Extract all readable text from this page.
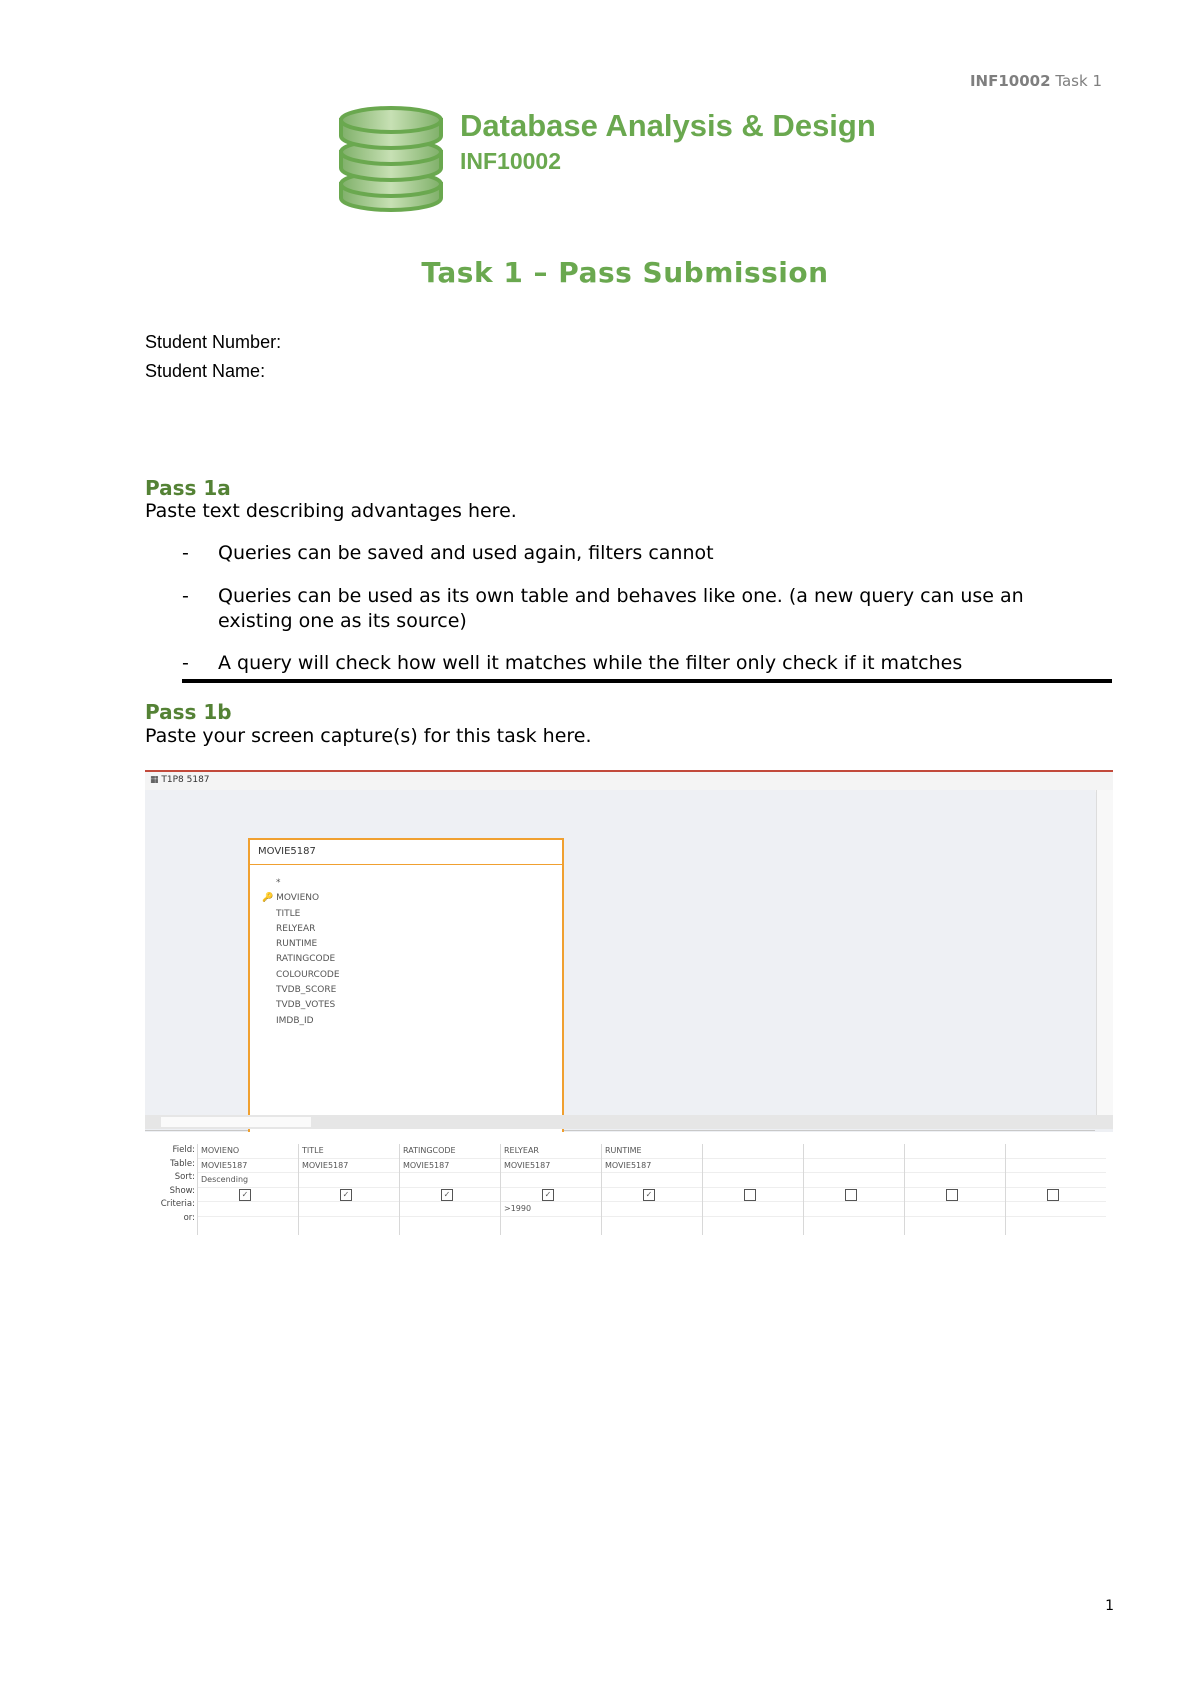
INF10002 Task 1
Database Analysis & Design
INF10002
Task 1 – Pass Submission
Student Number:
Student Name:
Pass 1a
Paste text describing advantages here.
- Queries can be saved and used again, filters cannot
- Queries can be used as its own table and behaves like one. (a new query can use an existing one as its source)
- A query will check how well it matches while the filter only check if it matches
Pass 1b
Paste your screen capture(s) for this task here.
▦ T1P8 5187
MOVIE5187
*
🔑 MOVIENO
TITLE
RELYEAR
RUNTIME
RATINGCODE
COLOURCODE
TVDB_SCORE
TVDB_VOTES
IMDB_ID
Field:
Table:
Sort:
Show:
Criteria:
or:
MOVIENO
MOVIE5187
Descending
✓
TITLE
MOVIE5187
✓
RATINGCODE
MOVIE5187
✓
RELYEAR
MOVIE5187
✓
>1990
RUNTIME
MOVIE5187
✓
1
